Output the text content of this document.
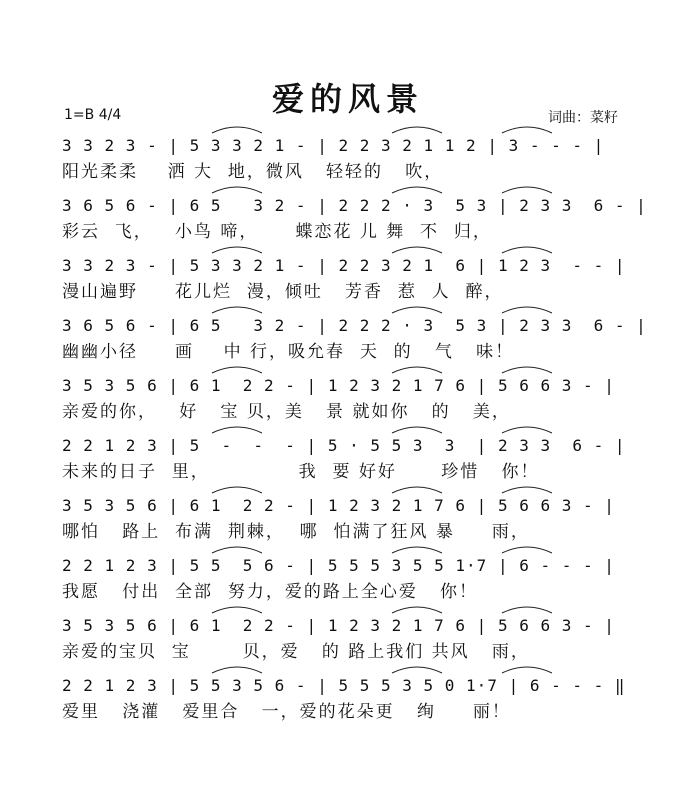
爱的风景
1=B 4/4	词曲：菜籽
3 3 2 3 - | 5 3 3 2 1 - | 2 2 3 2 1 1 2 | 3 - - - |
阳光柔柔    洒 大  地，微风   轻轻的   吹，
3 6 5 6 - | 6 5   3 2 - | 2 2 2 · 3  5 3 | 2 3 3  6 - |
彩云  飞，   小鸟 啼，     蝶恋花 儿 舞  不  归，
3 3 2 3 - | 5 3 3 2 1 - | 2 2 3 2 1  6 | 1 2 3  - - |
漫山遍野     花儿烂  漫，倾吐   芳香  惹  人  醉，
3 6 5 6 - | 6 5   3 2 - | 2 2 2 · 3  5 3 | 2 3 3  6 - |
幽幽小径     画    中 行，吸允春  天  的   气   味！
3 5 3 5 6 | 6 1  2 2 - | 1 2 3 2 1 7 6 | 5 6 6 3 - |
亲爱的你，   好   宝 贝，美   景 就如你   的   美，
2 2 1 2 3 | 5  -  -  - | 5 · 5 5 3  3  | 2 3 3  6 - |
未来的日子  里，            我  要 好好      珍惜   你！
3 5 3 5 6 | 6 1  2 2 - | 1 2 3 2 1 7 6 | 5 6 6 3 - |
哪怕   路上  布满  荆棘，  哪  怕满了狂风 暴     雨，
2 2 1 2 3 | 5 5  5 6 - | 5 5 5 3 5 5 1·7 | 6 - - - |
我愿   付出  全部  努力，爱的路上全心爱   你！
3 5 3 5 6 | 6 1  2 2 - | 1 2 3 2 1 7 6 | 5 6 6 3 - |
亲爱的宝贝  宝       贝，爱   的 路上我们 共风   雨，
2 2 1 2 3 | 5 5 3 5 6 - | 5 5 5 3 5 0 1·7 | 6 - - - ‖
爱里   浇灌   爱里合   一，爱的花朵更   绚     丽！
